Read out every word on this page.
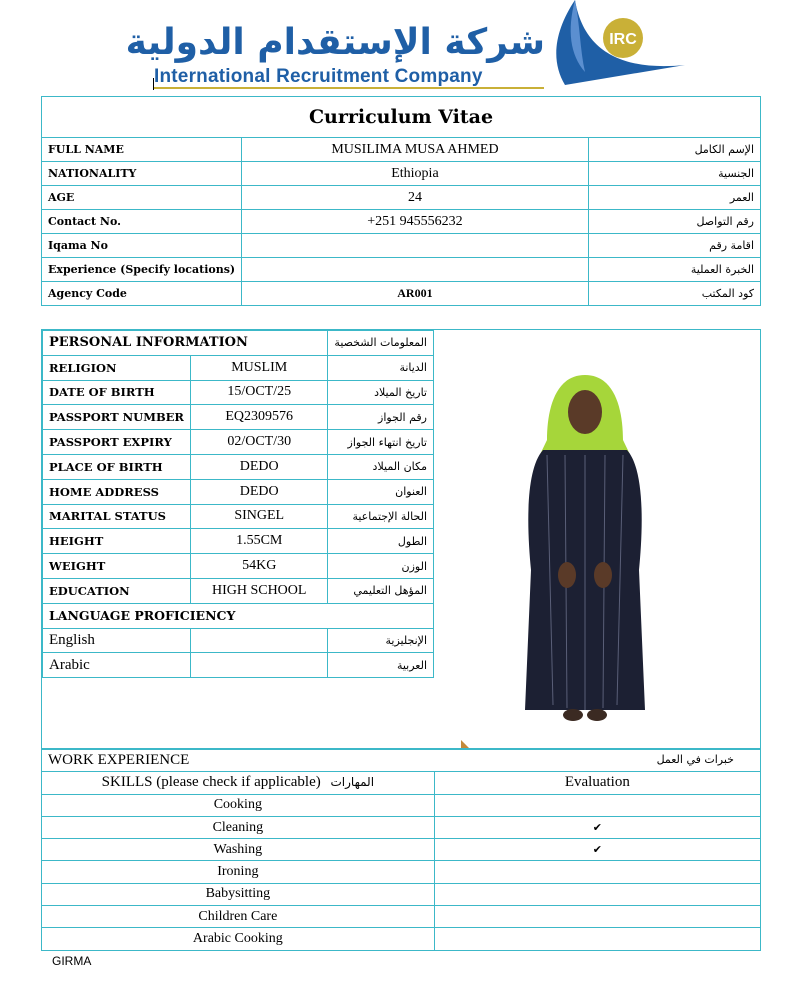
شركة الإستقدام الدولية
International Recruitment Company
IRC
Curriculum Vitae		
FULL NAME	MUSILIMA MUSA AHMED	الإسم الكامل
NATIONALITY	Ethiopia	الجنسية
AGE	24	العمر
Contact No.	+251 945556232	رقم التواصل
Iqama No		اقامة رقم
Experience (Specify locations)		الخبرة العملية
Agency Code	AR001	كود المكتب
PERSONAL INFORMATION		المعلومات الشخصية
RELIGION	MUSLIM	الديانة
DATE OF BIRTH	15/OCT/25	تاريخ الميلاد
PASSPORT NUMBER	EQ2309576	رقم الجواز
PASSPORT EXPIRY	02/OCT/30	تاريخ انتهاء الجواز
PLACE OF BIRTH	DEDO	مكان الميلاد
HOME ADDRESS	DEDO	العنوان
MARITAL STATUS	SINGEL	الحالة الإجتماعية
HEIGHT	1.55CM	الطول
WEIGHT	54KG	الوزن
EDUCATION	HIGH SCHOOL	المؤهل التعليمي
LANGUAGE PROFICIENCY		
English		الإنجليزية
Arabic		العربية
WORK EXPERIENCE خبرات في العمل	

SKILLS (please check if applicable) المهارات	Evaluation
Cooking	
Cleaning	✔
Washing	✔
Ironing	
Babysitting	
Children Care	
Arabic Cooking	
GIRMA
